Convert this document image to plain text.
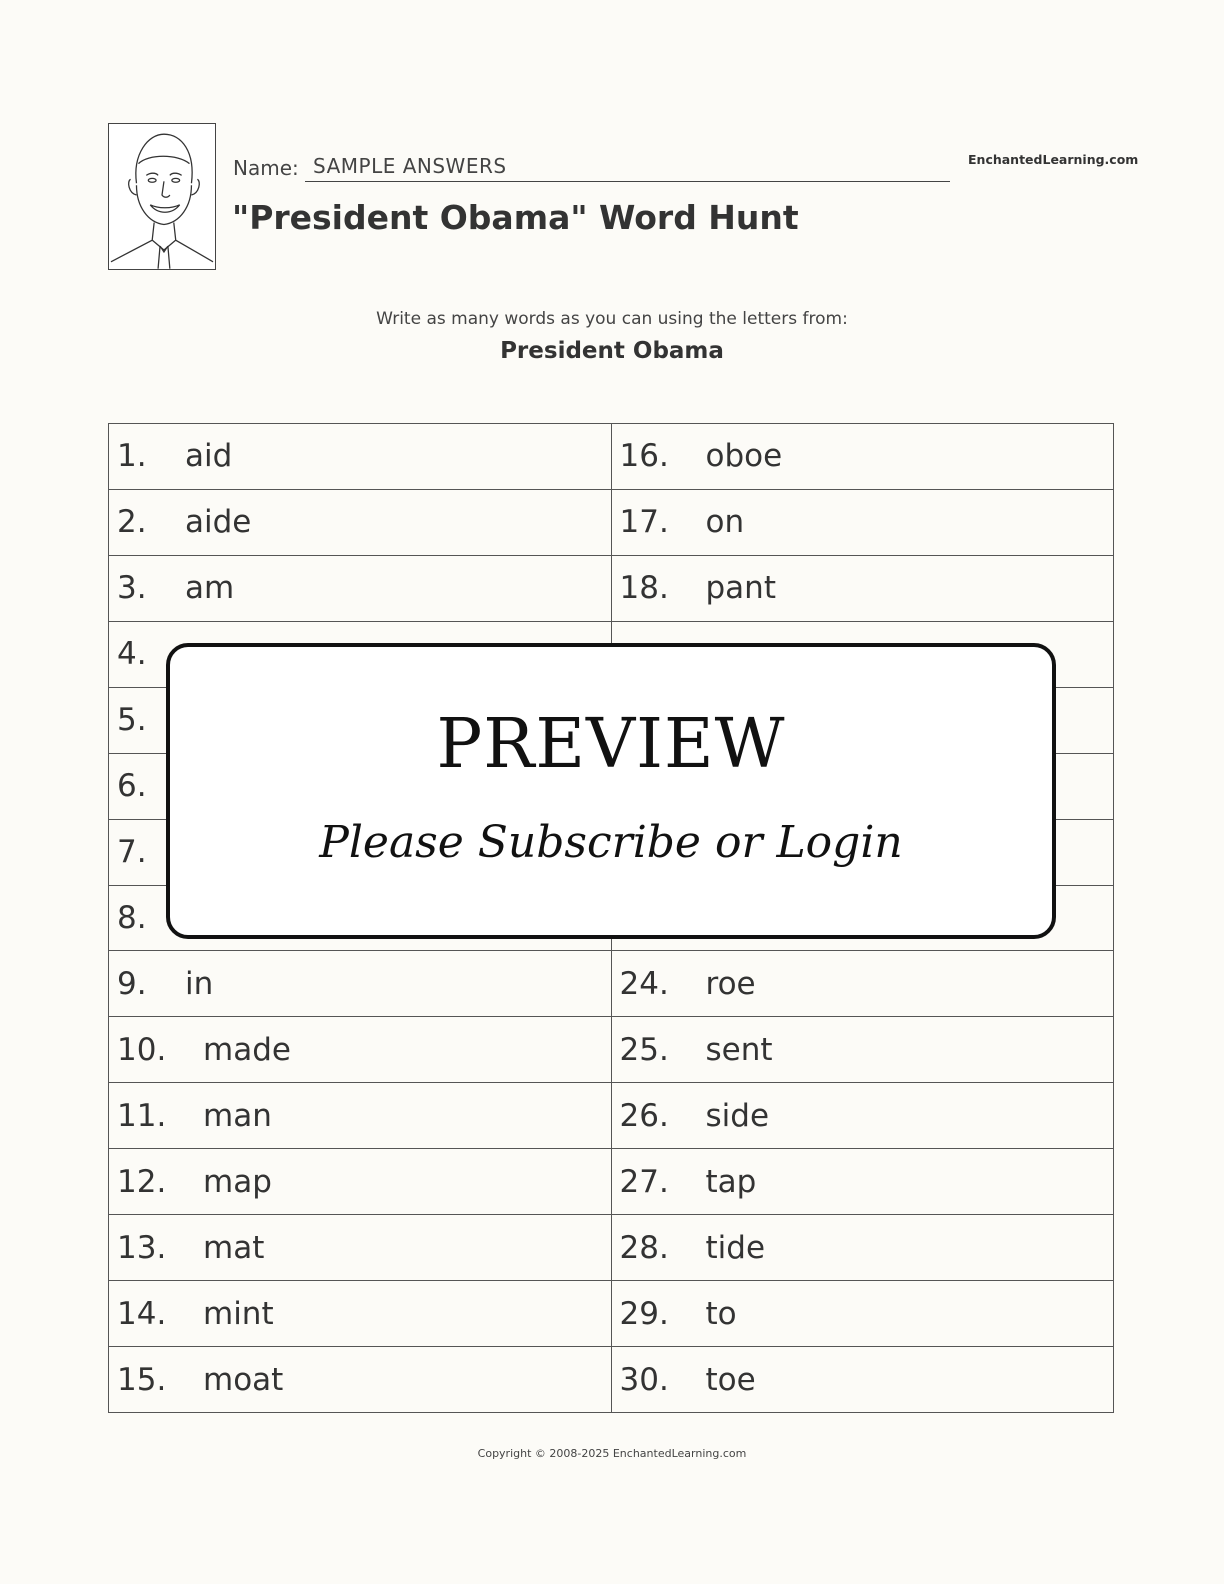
Name: SAMPLE ANSWERS	EnchantedLearning.com
"President Obama" Word Hunt
Write as many words as you can using the letters from:
President Obama
1.	aid	16.	oboe
2.	aide	17.	on
3.	am	18.	pant
4.
5.
6.
7.
8.
9.	in	24.	roe
10.	made	25.	sent
11.	man	26.	side
12.	map	27.	tap
13.	mat	28.	tide
14.	mint	29.	to
15.	moat	30.	toe
PREVIEW
Please Subscribe or Login
Copyright © 2008-2025 EnchantedLearning.com
